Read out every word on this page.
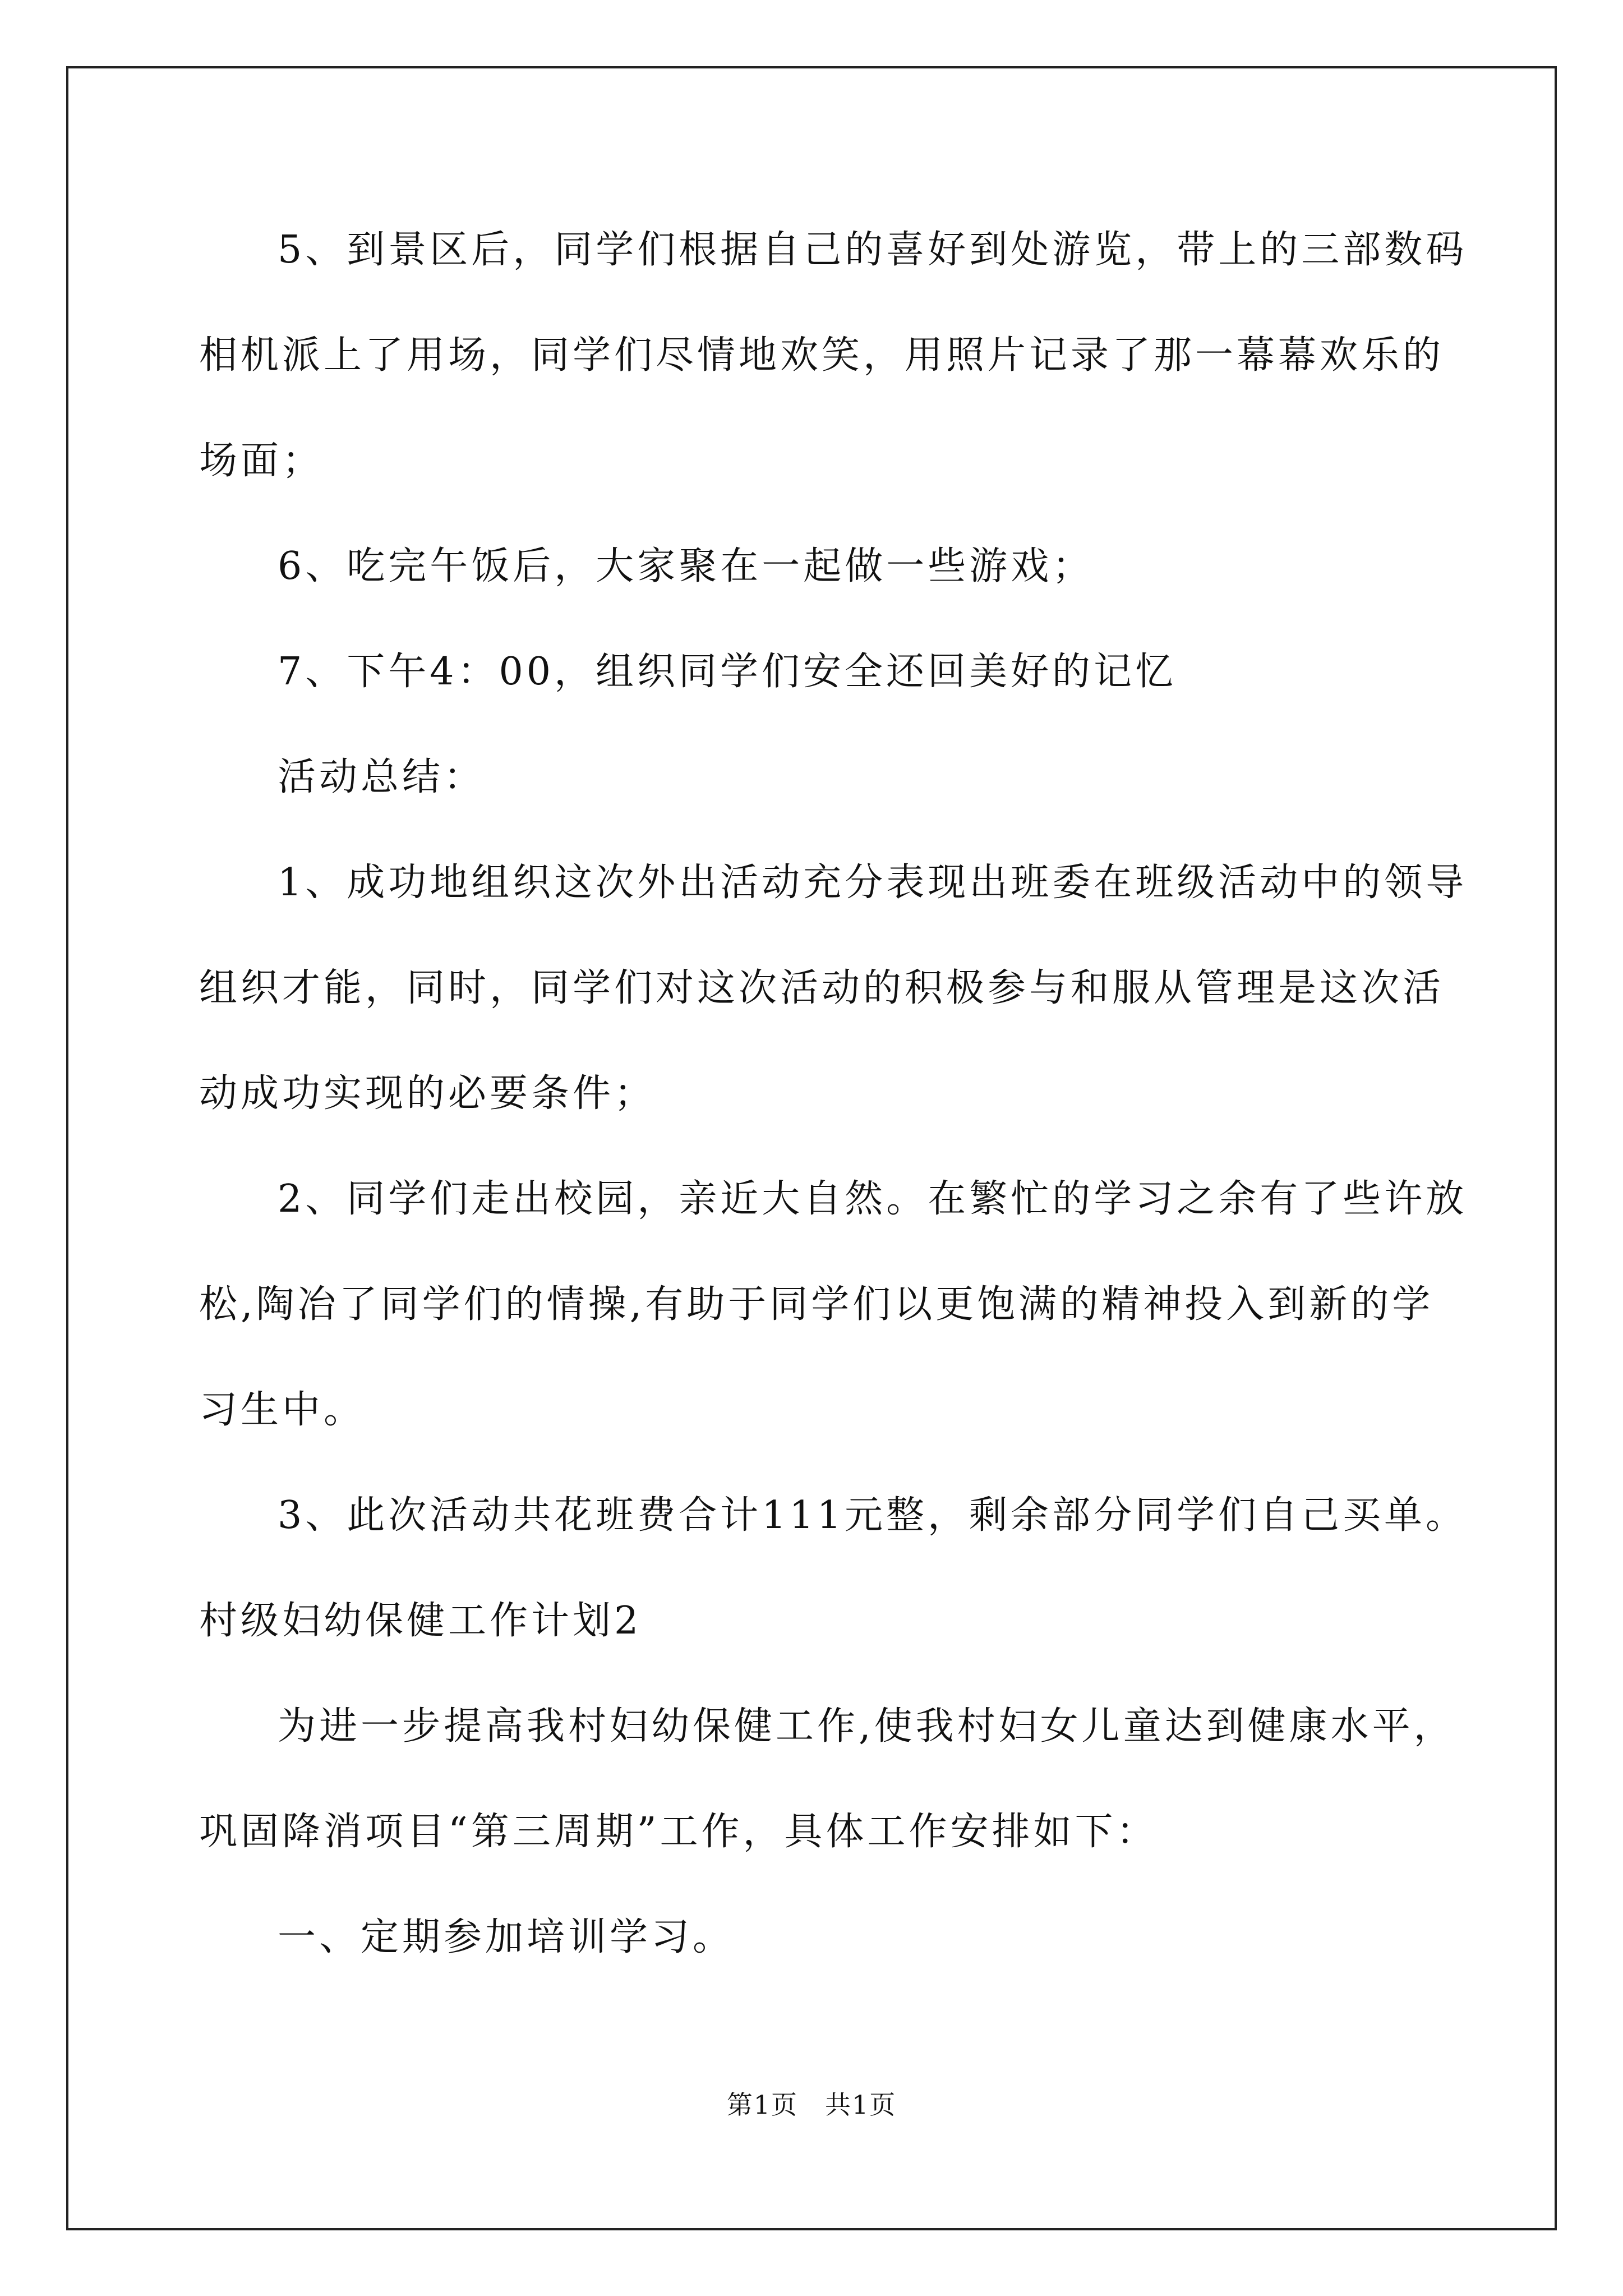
5、到景区后，同学们根据自己的喜好到处游览，带上的三部数码
相机派上了用场，同学们尽情地欢笑，用照片记录了那一幕幕欢乐的
场面；
6、吃完午饭后，大家聚在一起做一些游戏；
7、下午4：00，组织同学们安全还回美好的记忆
活动总结：
1、成功地组织这次外出活动充分表现出班委在班级活动中的领导
组织才能，同时，同学们对这次活动的积极参与和服从管理是这次活
动成功实现的必要条件；
2、同学们走出校园，亲近大自然。在繁忙的学习之余有了些许放
松,陶冶了同学们的情操,有助于同学们以更饱满的精神投入到新的学
习生中。
3、此次活动共花班费合计111元整，剩余部分同学们自己买单。
村级妇幼保健工作计划2
为进一步提高我村妇幼保健工作,使我村妇女儿童达到健康水平，
巩固降消项目“第三周期”工作，具体工作安排如下：
一、定期参加培训学习。
第1页　共1页
